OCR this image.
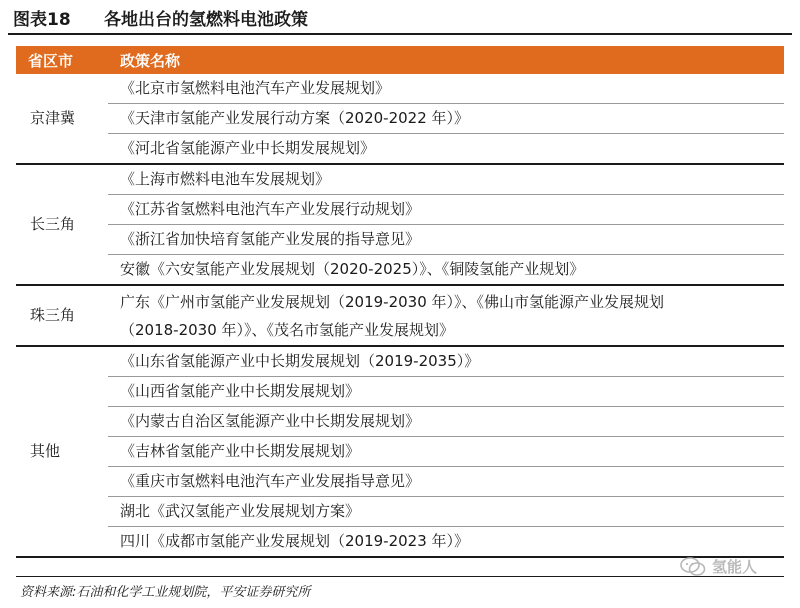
图表18 各地出台的氢燃料电池政策
省区市	政策名称
京津冀	《北京市氢燃料电池汽车产业发展规划》
	《天津市氢能产业发展行动方案（2020-2022 年）》
	《河北省氢能源产业中长期发展规划》
长三角	《上海市燃料电池车发展规划》
	《江苏省氢燃料电池汽车产业发展行动规划》
	《浙江省加快培育氢能产业发展的指导意见》
	安徽《六安氢能产业发展规划（2020-2025）》、《铜陵氢能产业规划》
珠三角	广东《广州市氢能产业发展规划（2019-2030 年）》、《佛山市氢能源产业发展规划
（2018-2030 年）》、《茂名市氢能产业发展规划》

其他	《山东省氢能源产业中长期发展规划（2019-2035）》
	《山西省氢能产业中长期发展规划》
	《内蒙古自治区氢能源产业中长期发展规划》
	《吉林省氢能产业中长期发展规划》
	《重庆市氢燃料电池汽车产业发展指导意见》
	湖北《武汉氢能产业发展规划方案》
	四川《成都市氢能产业发展规划（2019-2023 年）》
氢能人
资料来源:石油和化学工业规划院，平安证券研究所
